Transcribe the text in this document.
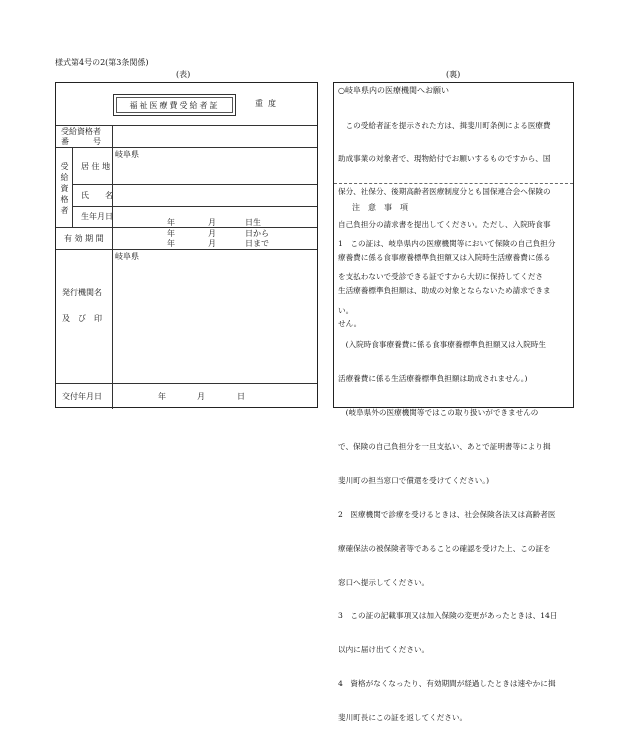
様式第4号の2(第3条関係)
(表)	(裏)
福祉医療費受給者証	重度
受給資格者
番　　　号
受
給
資
格
者
居 住 地
岐阜県
氏　　名
生年月日
年	月	日生
有 効 期 間
年	月	日から
年	月	日まで
発行機関名
及　び　印
岐阜県
交付年月日	年	月	日
○岐阜県内の医療機関へお願い

　この受給者証を提示された方は、揖斐川町条例による医療費

助成事業の対象者で、現物給付でお願いするものですから、国

保分、社保分、後期高齢者医療制度分とも国保連合会へ保険の

自己負担分の請求書を提出してください。ただし、入院時食事

療養費に係る食事療養標準負担額又は入院時生活療養費に係る

生活療養標準負担額は、助成の対象とならないため請求できま

せん。

注　意　事　項

1　この証は、岐阜県内の医療機関等において保険の自己負担分

を支払わないで受診できる証ですから大切に保持してくださ

い。

　(入院時食事療養費に係る食事療養標準負担額又は入院時生

活療養費に係る生活療養標準負担額は助成されません。)

　(岐阜県外の医療機関等ではこの取り扱いができませんの

で、保険の自己負担分を一旦支払い、あとで証明書等により揖

斐川町の担当窓口で償還を受けてください。)

2　医療機関で診療を受けるときは、社会保険各法又は高齢者医

療確保法の被保険者等であることの確認を受けた上、この証を

窓口へ提示してください。

3　この証の記載事項又は加入保険の変更があったときは、14日

以内に届け出てください。

4　資格がなくなったり、有効期間が経過したときは速やかに揖

斐川町長にこの証を返してください。
